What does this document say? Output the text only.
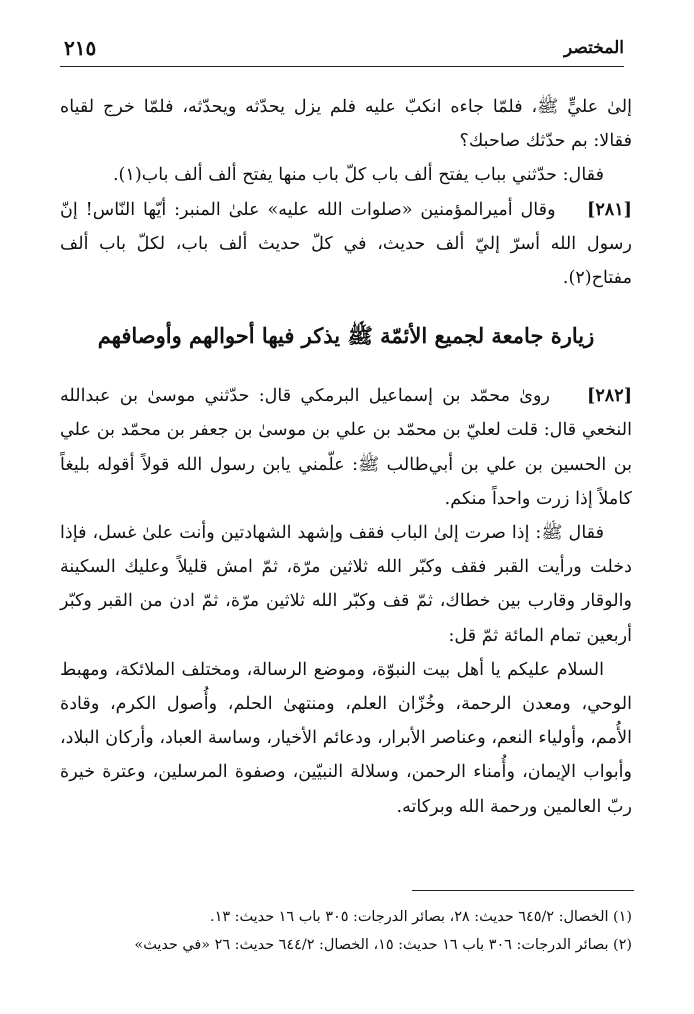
٢١٥	المختصر

إلىٰ عليٍّ ﷺ، فلمّا جاءه انكبّ عليه فلم يزل يحدّثه ويحدّثه، فلمّا خرج لقياه فقالا: بم حدّثك صاحبك؟

فقال: حدّثني بباب يفتح ألف باب كلّ باب منها يفتح ألف ألف باب(١).

[٢٨١]    وقال أميرالمؤمنين «صلوات الله عليه» علىٰ المنبر: أيّها النّاس! إنّ رسول الله أسرّ إليّ ألف حديث، في كلّ حديث ألف باب، لكلّ باب ألف مفتاح(٢).

زيارة جامعة لجميع الأئمّة ﷺ يذكر فيها أحوالهم وأوصافهم

[٢٨٢]    روىٰ محمّد بن إسماعيل البرمكي قال: حدّثني موسىٰ بن عبدالله النخعي قال: قلت لعليّ بن محمّد بن علي بن موسىٰ بن جعفر بن محمّد بن علي بن الحسين بن علي بن أبي‌طالب ﷺ: علّمني يابن رسول الله قولاً أقوله بليغاً كاملاً إذا زرت واحداً منكم.

فقال ﷺ: إذا صرت إلىٰ الباب فقف وإشهد الشهادتين وأنت علىٰ غسل، فإذا دخلت ورأيت القبر فقف وكبّر الله ثلاثين مرّة، ثمّ امش قليلاً وعليك السكينة والوقار وقارب بين خطاك، ثمّ قف وكبّر الله ثلاثين مرّة، ثمّ ادن من القبر وكبّر أربعين تمام المائة ثمّ قل:

السلام عليكم يا أهل بيت النبوّة، وموضع الرسالة، ومختلف الملائكة، ومهبط الوحي، ومعدن الرحمة، وخُزّان العلم، ومنتهىٰ الحلم، وأُصول الكرم، وقادة الأُمم، وأولياء النعم، وعناصر الأبرار، ودعائم الأخيار، وساسة العباد، وأركان البلاد، وأبواب الإيمان، وأُمناء الرحمن، وسلالة النبيّين، وصفوة المرسلين، وعترة خيرة ربّ العالمين ورحمة الله وبركاته.

(١) الخصال: ٦٤٥/٢ حديث: ٢٨، بصائر الدرجات: ٣٠٥ باب ١٦ حديث: ١٣.

(٢) بصائر الدرجات: ٣٠٦ باب ١٦ حديث: ١٥، الخصال: ٦٤٤/٢ حديث: ٢٦ «في حديث»
